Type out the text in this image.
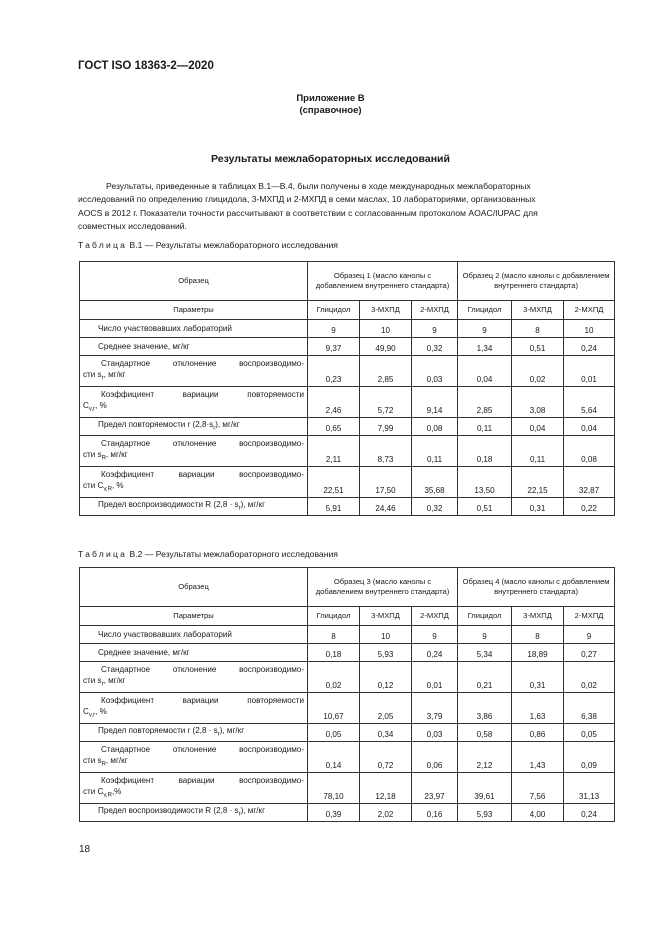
ГОСТ ISO 18363-2—2020
Приложение В
(справочное)
Результаты межлабораторных исследований
Результаты, приведенные в таблицах В.1—В.4, были получены в ходе международных межлабораторных
исследований по определению глицидола, 3-МХПД и 2-МХПД в семи маслах, 10 лабораториями, организованных
AOCS в 2012 г. Показатели точности рассчитывают в соответствии с согласованным протоколом AOAC/IUPAC для
совместных исследований.
Таблица В.1 — Результаты межлабораторного исследования
Образец	Образец 1 (масло канолы с добавлением внутреннего стандарта)			Образец 2 (масло канолы с добавлением внутреннего стандарта)		
Параметры	Глицидол	3-МХПД	2-МХПД	Глицидол	3-МХПД	2-МХПД
Число участвовавших лабораторий	9	10	9	9	8	10
Среднее значение, мг/кг	9,37	49,90	0,32	1,34	0,51	0,24

Стандартное отклонение воспроизводимо-
сти $s_r$, мг/кг	0,23	2,85	0,03	0,04	0,02	0,01

Коэффициент вариации повторяемости
$C_{v,r}$, %	2,46	5,72	9,14	2,85	3,08	5,64
Предел повторяемости r $(2,8\cdot s_r)$, мг/кг	0,65	7,99	0,08	0,11	0,04	0,04

Стандартное отклонение воспроизводимо-
сти $s_R$, мг/кг	2,11	8,73	0,11	0,18	0,11	0,08

Коэффициент вариации воспроизводимо-
сти $C_{v,R}$, %	22,51	17,50	35,68	13,50	22,15	32,87
Предел воспроизводимости R $(2,8 \cdot s_r)$, мг/кг	5,91	24,46	0,32	0,51	0,31	0,22
Таблица В.2 — Результаты межлабораторного исследования
Образец	Образец 3 (масло канолы с добавлением внутреннего стандарта)			Образец 4 (масло канолы с добавлением внутреннего стандарта)		
Параметры	Глицидол	3-МХПД	2-МХПД	Глицидол	3-МХПД	2-МХПД
Число участвовавших лабораторий	8	10	9	9	8	9
Среднее значение, мг/кг	0,18	5,93	0,24	5,34	18,89	0,27

Стандартное отклонение воспроизводимо-
сти $s_r$, мг/кг	0,02	0,12	0,01	0,21	0,31	0,02

Коэффициент вариации повторяемости
$C_{v,r}$, %	10,67	2,05	3,79	3,86	1,63	6,38
Предел повторяемости r $(2,8 \cdot s_r)$, мг/кг	0,05	0,34	0,03	0,58	0,86	0,05

Стандартное отклонение воспроизводимо-
сти $s_R$, мг/кг	0,14	0,72	0,06	2,12	1,43	0,09

Коэффициент вариации воспроизводимо-
сти $C_{v,R},\%$	78,10	12,18	23,97	39,61	7,56	31,13
Предел воспроизводимости R $(2,8 \cdot s_r)$, мг/кг	0,39	2,02	0,16	5,93	4,00	0,24
18
